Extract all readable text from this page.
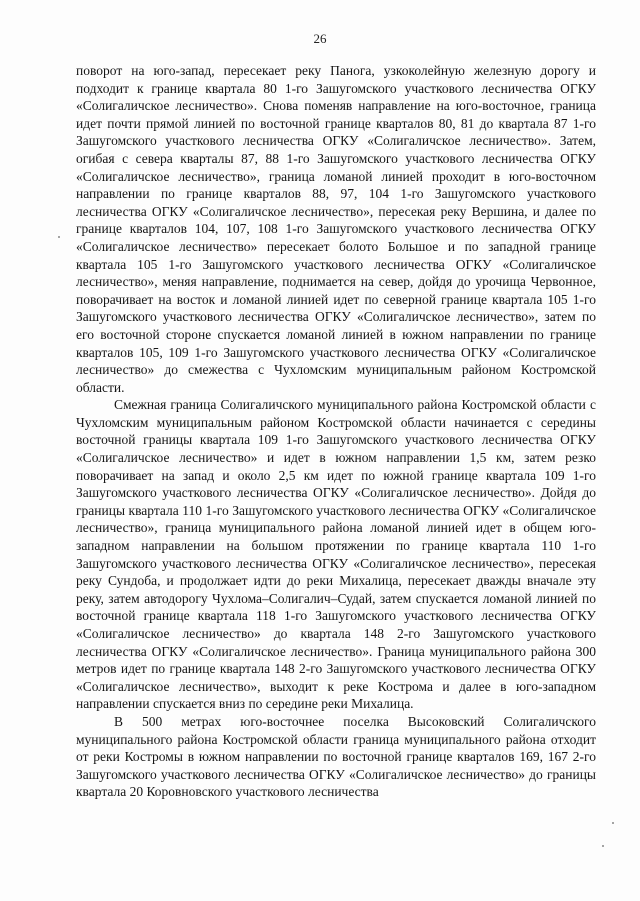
26

поворот на юго-запад, пересекает реку Панога, узкоколейную железную дорогу и подходит к границе квартала 80 1-го Зашугомского участкового лесничества ОГКУ «Солигаличское лесничество». Снова поменяв направление на юго-восточное, граница идет почти прямой линией по восточной границе кварталов 80, 81 до квартала 87 1-го Зашугомского участкового лесничества ОГКУ «Солигаличское лесничество». Затем, огибая с севера кварталы 87, 88 1-го Зашугомского участкового лесничества ОГКУ «Солигаличское лесничество», граница ломаной линией проходит в юго-восточном направлении по границе кварталов 88, 97, 104 1-го Зашугомского участкового лесничества ОГКУ «Солигаличское лесничество», пересекая реку Вершина, и далее по границе кварталов 104, 107, 108 1-го Зашугомского участкового лесничества ОГКУ «Солигаличское лесничество» пересекает болото Большое и по западной границе квартала 105 1-го Зашугомского участкового лесничества ОГКУ «Солигаличское лесничество», меняя направление, поднимается на север, дойдя до урочища Червонное, поворачивает на восток и ломаной линией идет по северной границе квартала 105 1-го Зашугомского участкового лесничества ОГКУ «Солигаличское лесничество», затем по его восточной стороне спускается ломаной линией в южном направлении по границе кварталов 105, 109 1-го Зашугомского участкового лесничества ОГКУ «Солигаличское лесничество» до смежества с Чухломским муниципальным районом Костромской области.

Смежная граница Солигаличского муниципального района Костромской области с Чухломским муниципальным районом Костромской области начинается с середины восточной границы квартала 109 1-го Зашугомского участкового лесничества ОГКУ «Солигаличское лесничество» и идет в южном направлении 1,5 км, затем резко поворачивает на запад и около 2,5 км идет по южной границе квартала 109 1-го Зашугомского участкового лесничества ОГКУ «Солигаличское лесничество». Дойдя до границы квартала 110 1-го Зашугомского участкового лесничества ОГКУ «Солигаличское лесничество», граница муниципального района ломаной линией идет в общем юго-западном направлении на большом протяжении по границе квартала 110 1-го Зашугомского участкового лесничества ОГКУ «Солигаличское лесничество», пересекая реку Сундоба, и продолжает идти до реки Михалица, пересекает дважды вначале эту реку, затем автодорогу Чухлома–Солигалич–Судай, затем спускается ломаной линией по восточной границе квартала 118 1-го Зашугомского участкового лесничества ОГКУ «Солигаличское лесничество» до квартала 148 2-го Зашугомского участкового лесничества ОГКУ «Солигаличское лесничество». Граница муниципального района 300 метров идет по границе квартала 148 2-го Зашугомского участкового лесничества ОГКУ «Солигаличское лесничество», выходит к реке Кострома и далее в юго-западном направлении спускается вниз по середине реки Михалица.

В 500 метрах юго-восточнее поселка Высоковский Солигаличского муниципального района Костромской области граница муниципального района отходит от реки Костромы в южном направлении по восточной границе кварталов 169, 167 2-го Зашугомского участкового лесничества ОГКУ «Солигаличское лесничество» до границы квартала 20 Коровновского участкового лесничества
